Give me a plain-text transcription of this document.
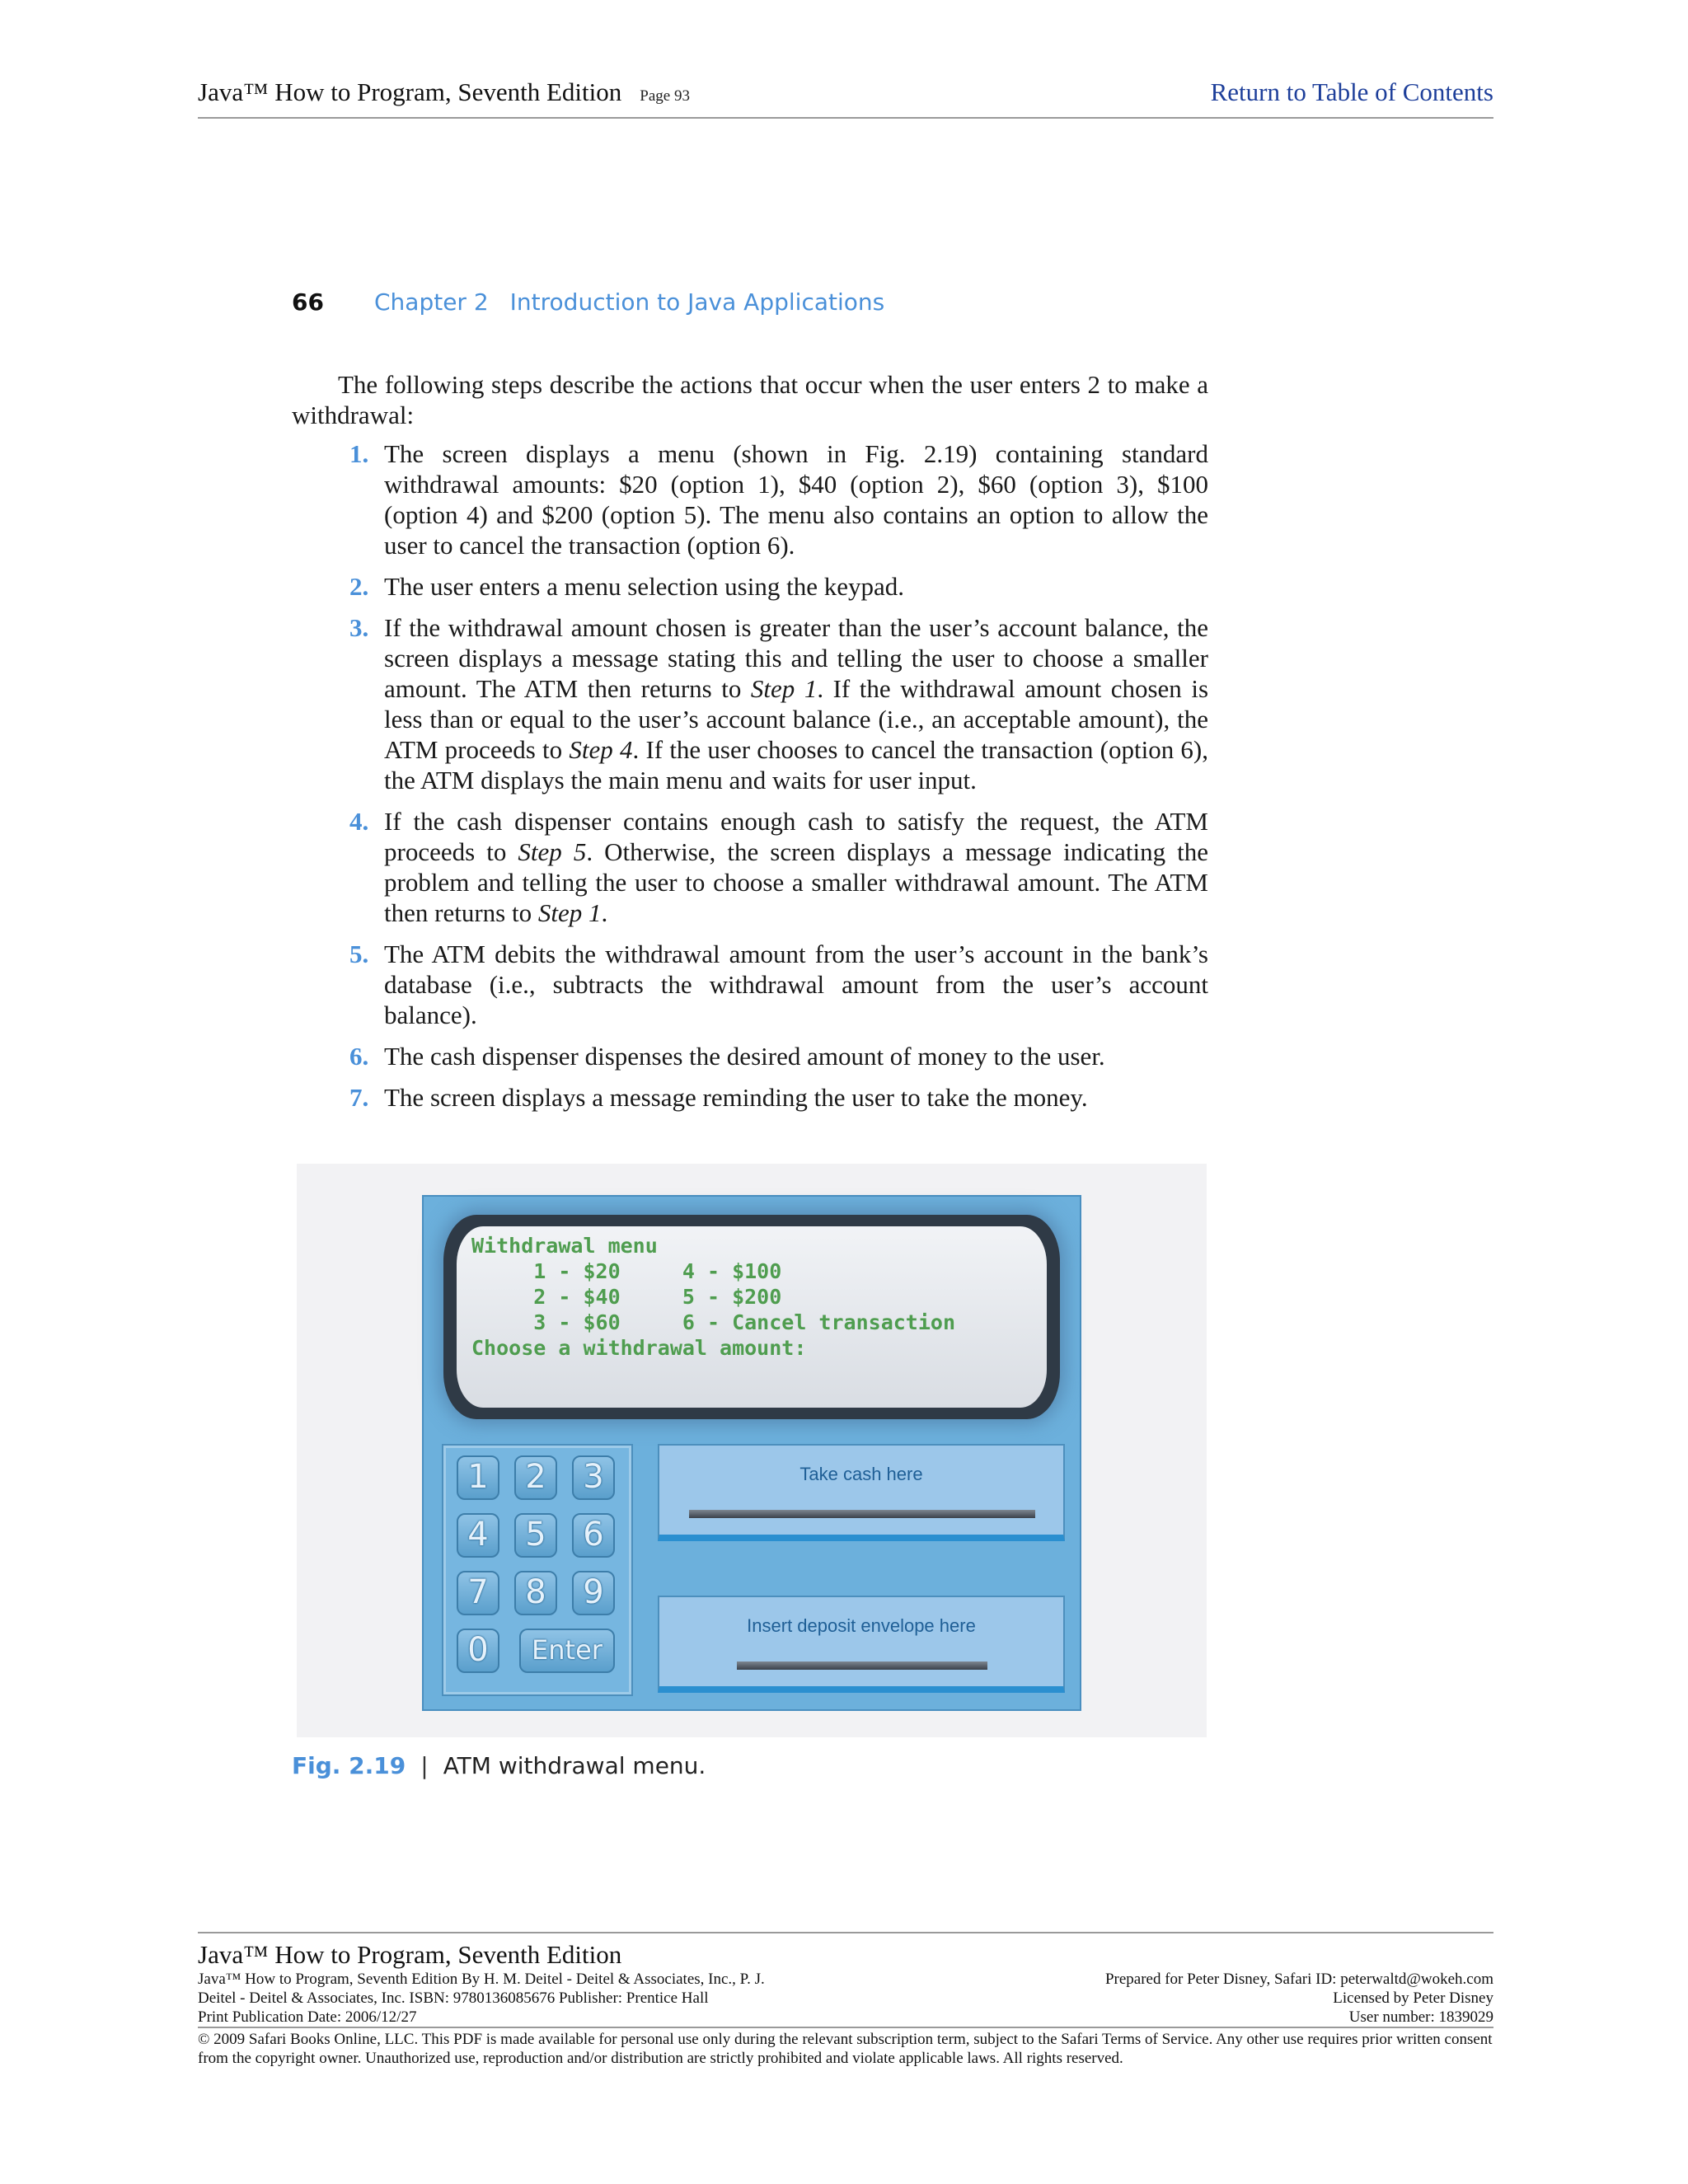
Java™ How to Program, Seventh Edition Page 93	Return to Table of Contents
66 Chapter 2 Introduction to Java Applications

The following steps describe the actions that occur when the user enters 2 to make a withdrawal:

1. The screen displays a menu (shown in Fig. 2.19) containing standard withdrawal amounts: $20 (option 1), $40 (option 2), $60 (option 3), $100 (option 4) and $200 (option 5). The menu also contains an option to allow the user to cancel the transaction (option 6).
2. The user enters a menu selection using the keypad.
3. If the withdrawal amount chosen is greater than the user’s account balance, the screen displays a message stating this and telling the user to choose a smaller amount. The ATM then returns to Step 1. If the withdrawal amount chosen is less than or equal to the user’s account balance (i.e., an acceptable amount), the ATM proceeds to Step 4. If the user chooses to cancel the transaction (option 6), the ATM displays the main menu and waits for user input.
4. If the cash dispenser contains enough cash to satisfy the request, the ATM proceeds to Step 5. Otherwise, the screen displays a message indicating the problem and telling the user to choose a smaller withdrawal amount. The ATM then returns to Step 1.
5. The ATM debits the withdrawal amount from the user’s account in the bank’s database (i.e., subtracts the withdrawal amount from the user’s account balance).
6. The cash dispenser dispenses the desired amount of money to the user.
7. The screen displays a message reminding the user to take the money.
Withdrawal menu
1 - $20     4 - $100
2 - $40     5 - $200
3 - $60     6 - Cancel transaction
Choose a withdrawal amount:
1	2	3
4	5	6
7	8	9
0	Enter
Take cash here
Insert deposit envelope here
Fig. 2.19 | ATM withdrawal menu.
Java™ How to Program, Seventh Edition
Java™ How to Program, Seventh Edition By H. M. Deitel - Deitel & Associates, Inc., P. J.	Prepared for Peter Disney, Safari ID: peterwaltd@wokeh.com
Deitel - Deitel & Associates, Inc. ISBN: 9780136085676 Publisher: Prentice Hall	Licensed by Peter Disney
Print Publication Date: 2006/12/27	User number: 1839029
© 2009 Safari Books Online, LLC. This PDF is made available for personal use only during the relevant subscription term, subject to the Safari Terms of Service. Any other use requires prior written consent from the copyright owner. Unauthorized use, reproduction and/or distribution are strictly prohibited and violate applicable laws. All rights reserved.
